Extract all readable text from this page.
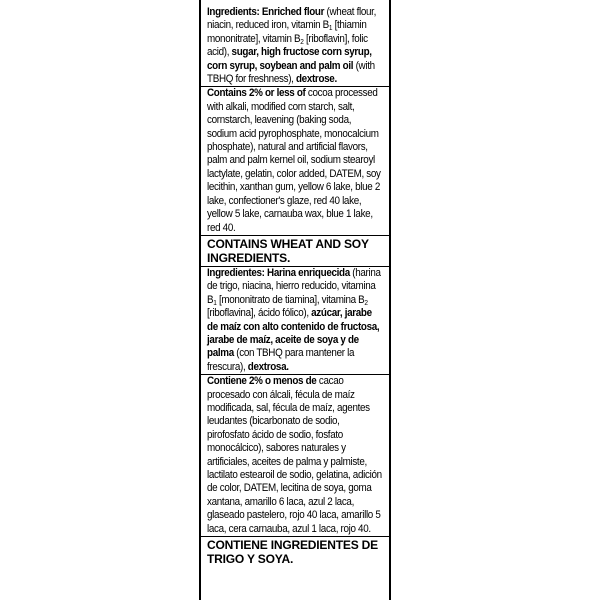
Ingredients: Enriched flour (wheat flour, niacin, reduced iron, vitamin $B_1$ [thiamin mononitrate], vitamin $B_2$ [riboflavin], folic acid), sugar, high fructose corn syrup, corn syrup, soybean and palm oil (with TBHQ for freshness), dextrose.

Contains 2% or less of cocoa processed with alkali, modified corn starch, salt, cornstarch, leavening (baking soda, sodium acid pyrophosphate, monocalcium phosphate), natural and artificial flavors, palm and palm kernel oil, sodium stearoyl lactylate, gelatin, color added, DATEM, soy lecithin, xanthan gum, yellow 6 lake, blue 2 lake, confectioner's glaze, red 40 lake, yellow 5 lake, carnauba wax, blue 1 lake, red 40.

CONTAINS WHEAT AND SOY INGREDIENTS.

Ingredientes: Harina enriquecida (harina de trigo, niacina, hierro reducido, vitamina $B_1$ [mononitrato de tiamina], vitamina $B_2$ [riboflavina], ácido fólico), azúcar, jarabe de maíz con alto contenido de fructosa, jarabe de maíz, aceite de soya y de palma (con TBHQ para mantener la frescura), dextrosa.

Contiene 2% o menos de cacao procesado con álcali, fécula de maíz modificada, sal, fécula de maíz, agentes leudantes (bicarbonato de sodio, pirofosfato ácido de sodio, fosfato monocálcico), sabores naturales y artificiales, aceites de palma y palmiste, lactilato estearoil de sodio, gelatina, adición de color, DATEM, lecitina de soya, goma xantana, amarillo 6 laca, azul 2 laca, glaseado pastelero, rojo 40 laca, amarillo 5 laca, cera carnauba, azul 1 laca, rojo 40.

CONTIENE INGREDIENTES DE TRIGO Y SOYA.
